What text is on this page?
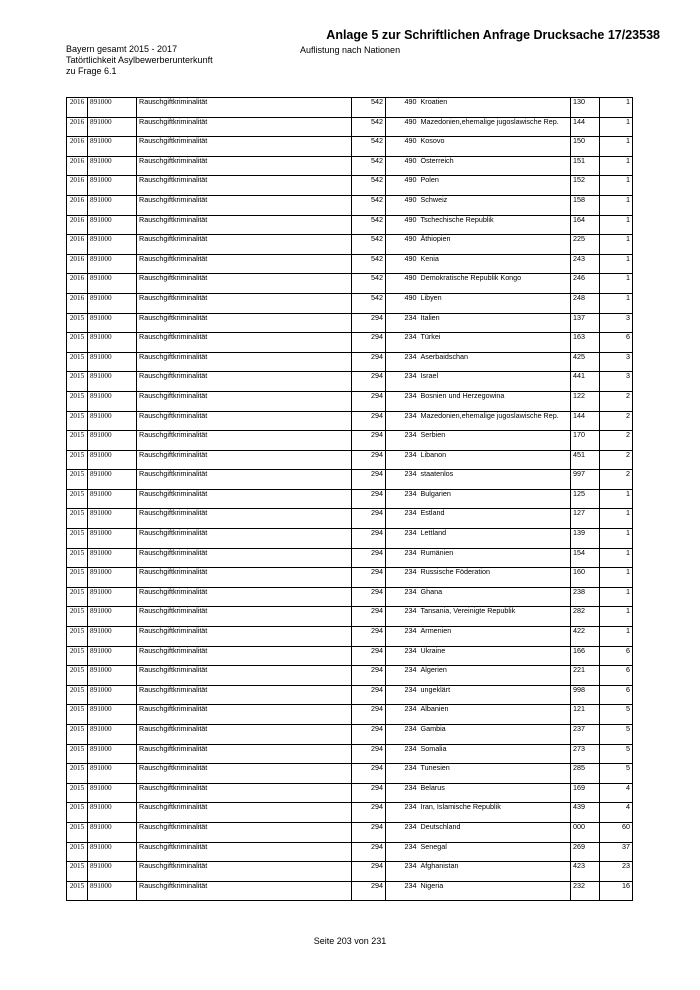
Anlage 5 zur Schriftlichen Anfrage Drucksache 17/23538
Bayern gesamt 2015 - 2017
Tatörtlichkeit Asylbewerberunterkunft
zu Frage 6.1
Auflistung nach Nationen
2016	891000	Rauschgiftkriminalität	542	490	Kroatien	130	1
2016	891000	Rauschgiftkriminalität	542	490	Mazedonien,ehemalige jugoslawische Rep.	144	1
2016	891000	Rauschgiftkriminalität	542	490	Kosovo	150	1
2016	891000	Rauschgiftkriminalität	542	490	Österreich	151	1
2016	891000	Rauschgiftkriminalität	542	490	Polen	152	1
2016	891000	Rauschgiftkriminalität	542	490	Schweiz	158	1
2016	891000	Rauschgiftkriminalität	542	490	Tschechische Republik	164	1
2016	891000	Rauschgiftkriminalität	542	490	Äthiopien	225	1
2016	891000	Rauschgiftkriminalität	542	490	Kenia	243	1
2016	891000	Rauschgiftkriminalität	542	490	Demokratische Republik Kongo	246	1
2016	891000	Rauschgiftkriminalität	542	490	Libyen	248	1
2015	891000	Rauschgiftkriminalität	294	234	Italien	137	3
2015	891000	Rauschgiftkriminalität	294	234	Türkei	163	6
2015	891000	Rauschgiftkriminalität	294	234	Aserbaidschan	425	3
2015	891000	Rauschgiftkriminalität	294	234	Israel	441	3
2015	891000	Rauschgiftkriminalität	294	234	Bosnien und Herzegowina	122	2
2015	891000	Rauschgiftkriminalität	294	234	Mazedonien,ehemalige jugoslawische Rep.	144	2
2015	891000	Rauschgiftkriminalität	294	234	Serbien	170	2
2015	891000	Rauschgiftkriminalität	294	234	Libanon	451	2
2015	891000	Rauschgiftkriminalität	294	234	staatenlos	997	2
2015	891000	Rauschgiftkriminalität	294	234	Bulgarien	125	1
2015	891000	Rauschgiftkriminalität	294	234	Estland	127	1
2015	891000	Rauschgiftkriminalität	294	234	Lettland	139	1
2015	891000	Rauschgiftkriminalität	294	234	Rumänien	154	1
2015	891000	Rauschgiftkriminalität	294	234	Russische Föderation	160	1
2015	891000	Rauschgiftkriminalität	294	234	Ghana	238	1
2015	891000	Rauschgiftkriminalität	294	234	Tansania, Vereinigte Republik	282	1
2015	891000	Rauschgiftkriminalität	294	234	Armenien	422	1
2015	891000	Rauschgiftkriminalität	294	234	Ukraine	166	6
2015	891000	Rauschgiftkriminalität	294	234	Algerien	221	6
2015	891000	Rauschgiftkriminalität	294	234	ungeklärt	998	6
2015	891000	Rauschgiftkriminalität	294	234	Albanien	121	5
2015	891000	Rauschgiftkriminalität	294	234	Gambia	237	5
2015	891000	Rauschgiftkriminalität	294	234	Somalia	273	5
2015	891000	Rauschgiftkriminalität	294	234	Tunesien	285	5
2015	891000	Rauschgiftkriminalität	294	234	Belarus	169	4
2015	891000	Rauschgiftkriminalität	294	234	Iran, Islamische Republik	439	4
2015	891000	Rauschgiftkriminalität	294	234	Deutschland	000	60
2015	891000	Rauschgiftkriminalität	294	234	Senegal	269	37
2015	891000	Rauschgiftkriminalität	294	234	Afghanistan	423	23
2015	891000	Rauschgiftkriminalität	294	234	Nigeria	232	16
Seite 203 von 231
